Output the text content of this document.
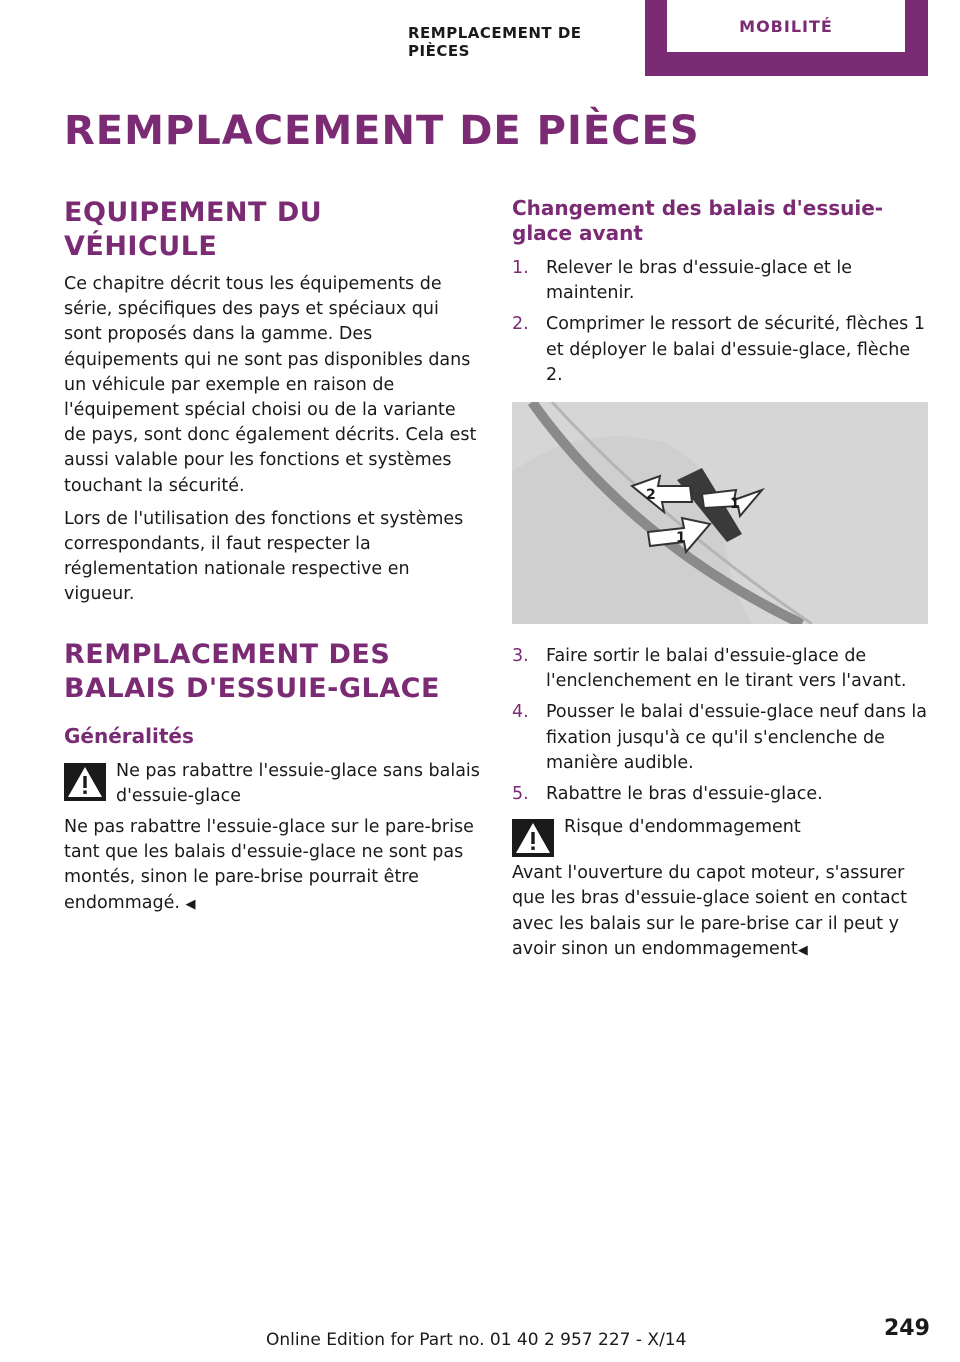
REMPLACEMENT DE PIÈCES
MOBILITÉ
REMPLACEMENT DE PIÈCES
EQUIPEMENT DU VÉHICULE

Ce chapitre décrit tous les équipements de série, spécifiques des pays et spéciaux qui sont proposés dans la gamme. Des équipements qui ne sont pas disponibles dans un véhicule par exemple en raison de l'équipement spécial choisi ou de la variante de pays, sont donc également décrits. Cela est aussi valable pour les fonctions et systèmes touchant la sécurité.

Lors de l'utilisation des fonctions et systèmes correspondants, il faut respecter la réglementation nationale respective en vigueur.

REMPLACEMENT DES BALAIS D'ESSUIE-GLACE
Généralités

Ne pas rabattre l'essuie-glace sans balais d'essuie-glace

Ne pas rabattre l'essuie-glace sur le pare-brise tant que les balais d'essuie-glace ne sont pas montés, sinon le pare-brise pourrait être endommagé. ◀

Changement des balais d'essuie-glace avant
1. Relever le bras d'essuie-glace et le maintenir.
2. Comprimer le ressort de sécurité, flèches 1 et déployer le balai d'essuie-glace, flèche 2.
2
1
1
3. Faire sortir le balai d'essuie-glace de l'enclenchement en le tirant vers l'avant.
4. Pousser le balai d'essuie-glace neuf dans la fixation jusqu'à ce qu'il s'enclenche de manière audible.
5. Rabattre le bras d'essuie-glace.

Risque d'endommagement

Avant l'ouverture du capot moteur, s'assurer que les bras d'essuie-glace soient en contact avec les balais sur le pare-brise car il peut y avoir sinon un endommagement◀

Online Edition for Part no. 01 40 2 957 227 - X/14	249
